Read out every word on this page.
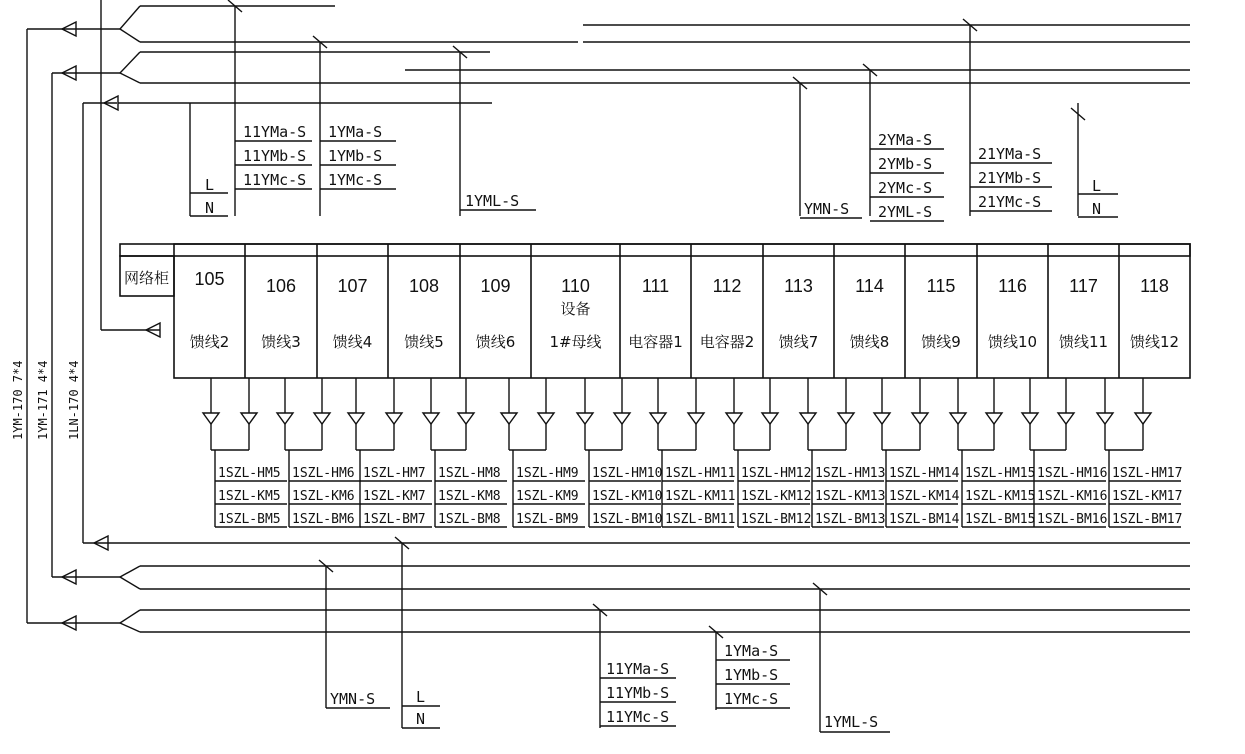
L
N
11YMa-S
11YMb-S
11YMc-S
1YMa-S
1YMb-S
1YMc-S
1YML-S	YMN-S
2YMa-S
2YMb-S
2YMc-S
2YML-S
21YMa-S
21YMb-S
21YMc-S
L
N
网络柜 105
馈线2
106
馈线3
107
馈线4
108
馈线5
109
馈线6
110
设备
1#母线
111
电容器1
112
电容器2
113
馈线7
114
馈线8
115
馈线9
116
馈线10
117
馈线11
118
馈线12
1SZL-HM5
1SZL-KM5
1SZL-BM5
1SZL-HM6
1SZL-KM6
1SZL-BM6
1SZL-HM7
1SZL-KM7
1SZL-BM7
1SZL-HM8
1SZL-KM8
1SZL-BM8
1SZL-HM9
1SZL-KM9
1SZL-BM9
1SZL-HM10
1SZL-KM10
1SZL-BM10
1SZL-HM11
1SZL-KM11
1SZL-BM11
1SZL-HM12
1SZL-KM12
1SZL-BM12
1SZL-HM13
1SZL-KM13
1SZL-BM13
1SZL-HM14
1SZL-KM14
1SZL-BM14
1SZL-HM15
1SZL-KM15
1SZL-BM15
1SZL-HM16
1SZL-KM16
1SZL-BM16
1SZL-HM17
1SZL-KM17
1SZL-BM17
YMN-S	L
N
11YMa-S
11YMb-S
11YMc-S
1YMa-S
1YMb-S
1YMc-S
1YML-S
1YM-170 7*4 1YM-171 4*4 1LN-170 4*4
